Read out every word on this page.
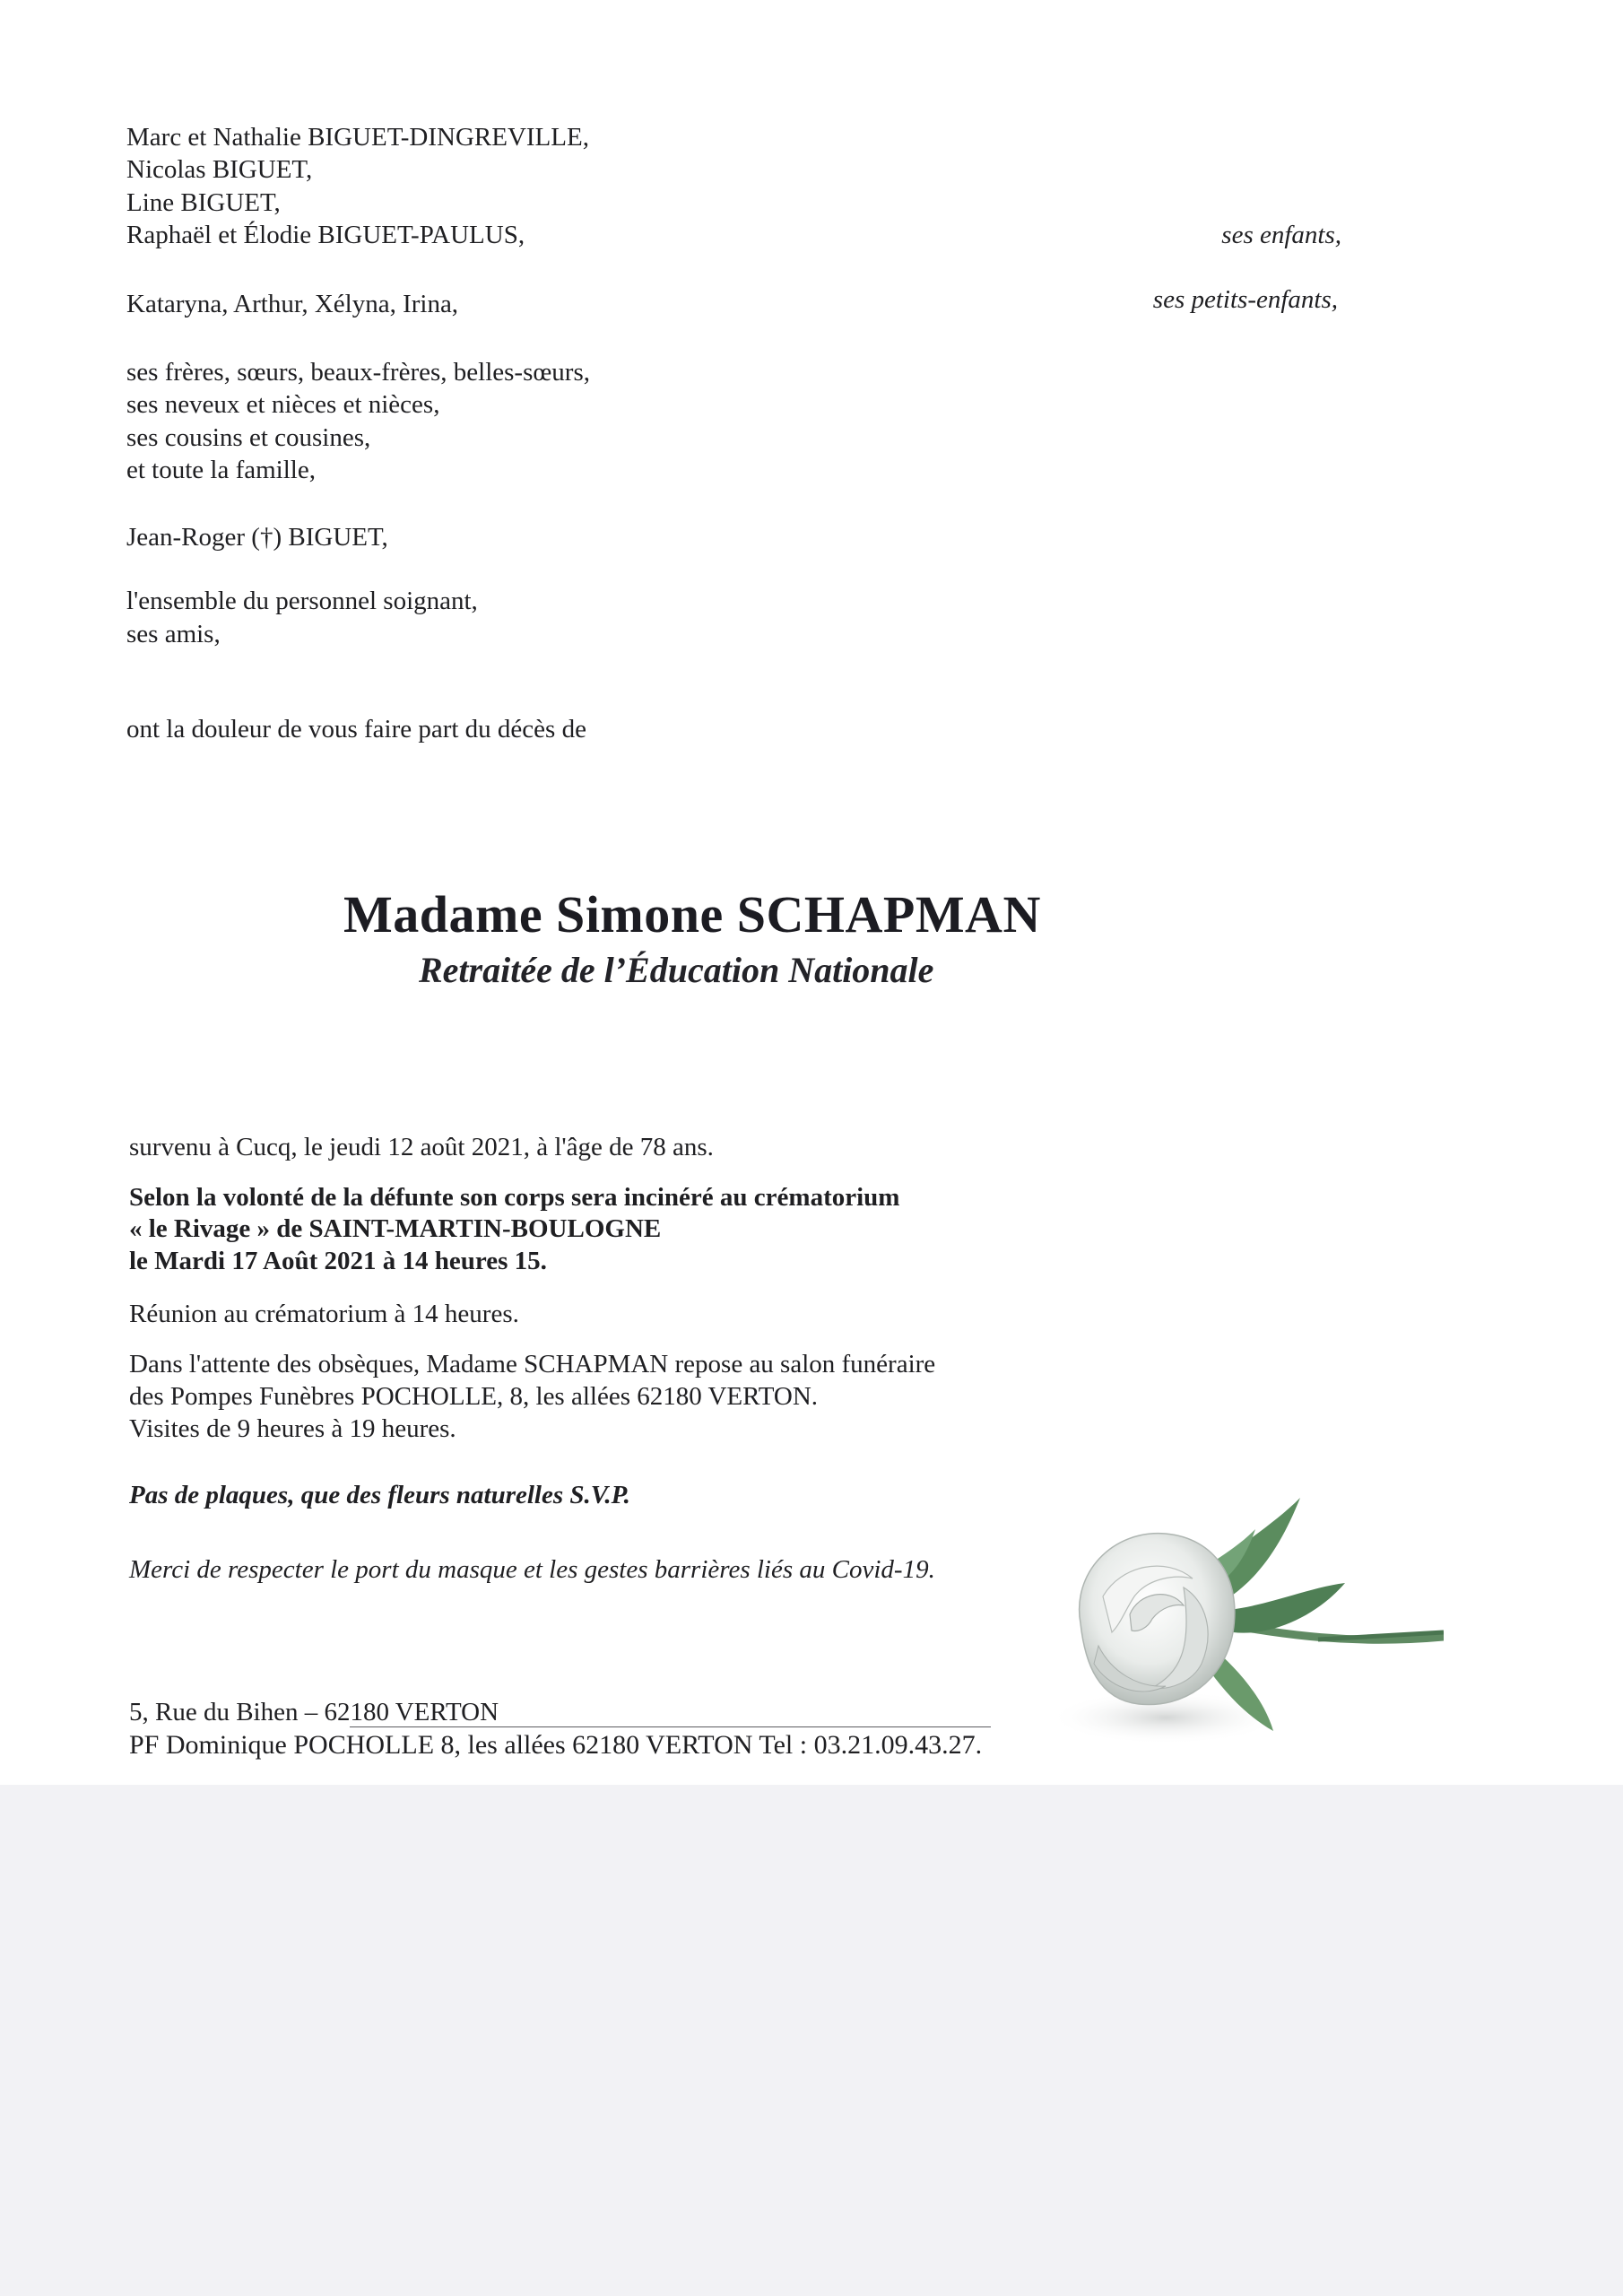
Marc et Nathalie BIGUET-DINGREVILLE,
Nicolas BIGUET,
Line BIGUET,
Raphaël et Élodie BIGUET-PAULUS,	ses enfants,
Kataryna, Arthur, Xélyna, Irina,	ses petits-enfants,
ses frères, sœurs, beaux-frères, belles-sœurs,
ses neveux et nièces et nièces,
ses cousins et cousines,
et toute la famille,
Jean-Roger (†) BIGUET,
l'ensemble du personnel soignant,
ses amis,
ont la douleur de vous faire part du décès de
Madame Simone SCHAPMAN
Retraitée de l’Éducation Nationale
survenu à Cucq, le jeudi 12 août 2021, à l'âge de 78 ans.
Selon la volonté de la défunte son corps sera incinéré au crématorium
« le Rivage » de SAINT-MARTIN-BOULOGNE
le Mardi 17 Août 2021 à 14 heures 15.
Réunion au crématorium à 14 heures.
Dans l'attente des obsèques, Madame SCHAPMAN repose au salon funéraire
des Pompes Funèbres POCHOLLE, 8, les allées 62180 VERTON.
Visites de 9 heures à 19 heures.
Pas de plaques, que des fleurs naturelles S.V.P.
Merci de respecter le port du masque et les gestes barrières liés au Covid-19.
5, Rue du Bihen – 62180 VERTON
PF Dominique POCHOLLE 8, les allées 62180 VERTON Tel : 03.21.09.43.27.
